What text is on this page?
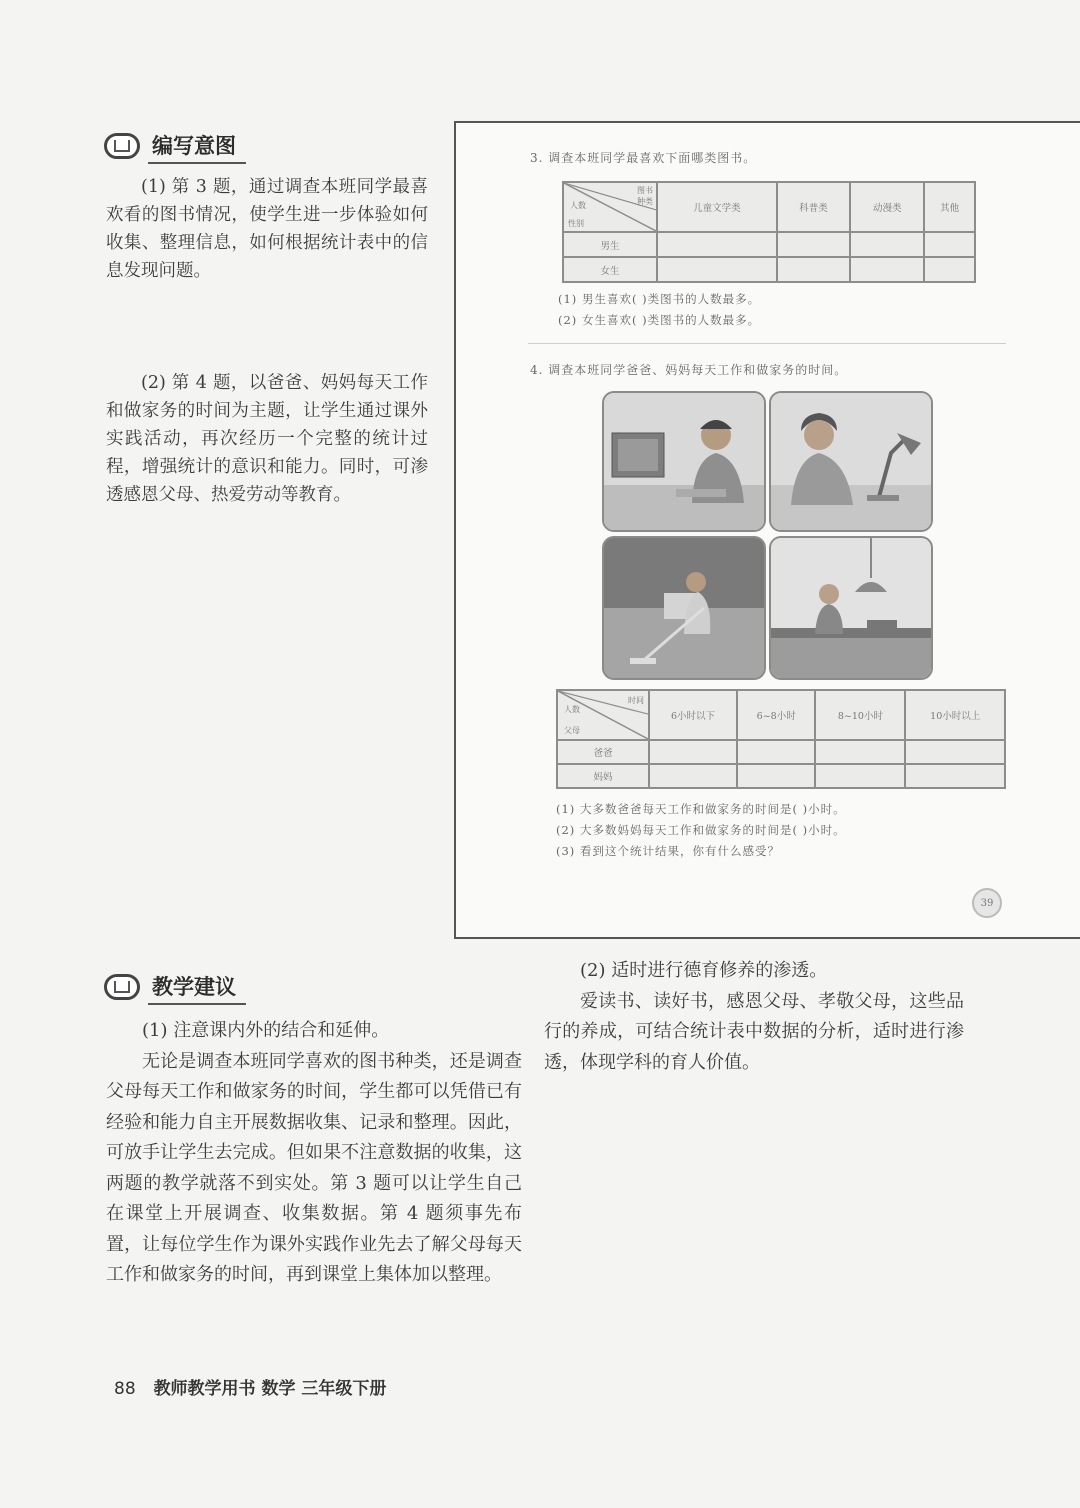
编写意图

(1) 第 3 题，通过调查本班同学最喜欢看的图书情况，使学生进一步体验如何收集、整理信息，如何根据统计表中的信息发现问题。

(2) 第 4 题，以爸爸、妈妈每天工作和做家务的时间为主题，让学生通过课外实践活动，再次经历一个完整的统计过程，增强统计的意识和能力。同时，可渗透感恩父母、热爱劳动等教育。

3. 调查本班同学最喜欢下面哪类图书。
图书
种类
人数
性别	儿童文学类	科普类	动漫类	其他
男生				
女生				
(1) 男生喜欢( )类图书的人数最多。
(2) 女生喜欢( )类图书的人数最多。
4. 调查本班同学爸爸、妈妈每天工作和做家务的时间。
时间
人数
父母	6小时以下	6~8小时	8~10小时	10小时以上
爸爸				
妈妈				
(1) 大多数爸爸每天工作和做家务的时间是( )小时。
(2) 大多数妈妈每天工作和做家务的时间是( )小时。
(3) 看到这个统计结果，你有什么感受？
39
教学建议

(1) 注意课内外的结合和延伸。

无论是调查本班同学喜欢的图书种类，还是调查父母每天工作和做家务的时间，学生都可以凭借已有经验和能力自主开展数据收集、记录和整理。因此，可放手让学生去完成。但如果不注意数据的收集，这两题的教学就落不到实处。第 3 题可以让学生自己在课堂上开展调查、收集数据。第 4 题须事先布置，让每位学生作为课外实践作业先去了解父母每天工作和做家务的时间，再到课堂上集体加以整理。

(2) 适时进行德育修养的渗透。

爱读书、读好书，感恩父母、孝敬父母，这些品行的养成，可结合统计表中数据的分析，适时进行渗透，体现学科的育人价值。

88 教师教学用书 数学 三年级下册
